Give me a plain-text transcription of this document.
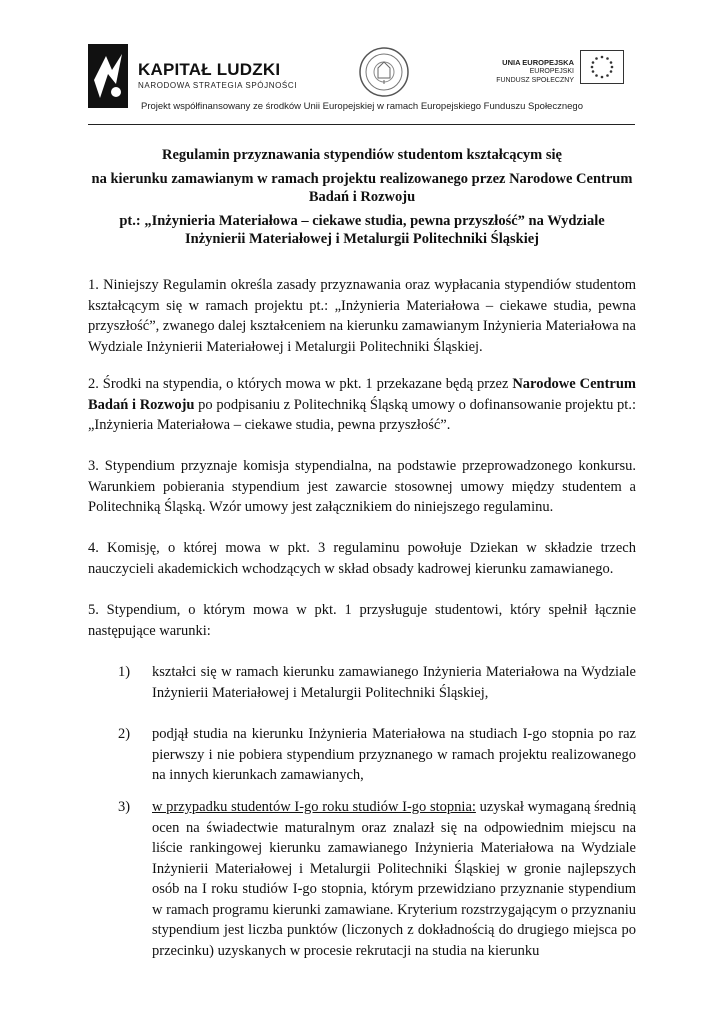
KAPITAŁ LUDZKI
NARODOWA STRATEGIA SPÓJNOŚCI
UNIA EUROPEJSKA
EUROPEJSKI
FUNDUSZ SPOŁECZNY
Projekt współfinansowany ze środków Unii Europejskiej w ramach Europejskiego Funduszu Społecznego
Regulamin przyznawania stypendiów studentom kształcącym się
na kierunku zamawianym w ramach projektu realizowanego przez Narodowe Centrum Badań i Rozwoju
pt.: „Inżynieria Materiałowa – ciekawe studia, pewna przyszłość” na Wydziale Inżynierii Materiałowej i Metalurgii Politechniki Śląskiej
1. Niniejszy Regulamin określa zasady przyznawania oraz wypłacania stypendiów studentom kształcącym się w ramach projektu pt.: „Inżynieria Materiałowa – ciekawe studia, pewna przyszłość”, zwanego dalej kształceniem na kierunku zamawianym Inżynieria Materiałowa na Wydziale Inżynierii Materiałowej i Metalurgii Politechniki Śląskiej.
2. Środki na stypendia, o których mowa w pkt. 1 przekazane będą przez Narodowe Centrum Badań i Rozwoju po podpisaniu z Politechniką Śląską umowy o dofinansowanie projektu pt.: „Inżynieria Materiałowa – ciekawe studia, pewna przyszłość”.
3. Stypendium przyznaje komisja stypendialna, na podstawie przeprowadzonego konkursu. Warunkiem pobierania stypendium jest zawarcie stosownej umowy między studentem a Politechniką Śląską. Wzór umowy jest załącznikiem do niniejszego regulaminu.
4. Komisję, o której mowa w pkt. 3 regulaminu powołuje Dziekan w składzie trzech nauczycieli akademickich wchodzących w skład obsady kadrowej kierunku zamawianego.
5. Stypendium, o którym mowa w pkt. 1 przysługuje studentowi, który spełnił łącznie następujące warunki:
1) kształci się w ramach kierunku zamawianego Inżynieria Materiałowa na Wydziale Inżynierii Materiałowej i Metalurgii Politechniki Śląskiej,
2) podjął studia na kierunku Inżynieria Materiałowa na studiach I-go stopnia po raz pierwszy i nie pobiera stypendium przyznanego w ramach projektu realizowanego na innych kierunkach zamawianych,
3) w przypadku studentów I-go roku studiów I-go stopnia: uzyskał wymaganą średnią ocen na świadectwie maturalnym oraz znalazł się na odpowiednim miejscu na liście rankingowej kierunku zamawianego Inżynieria Materiałowa na Wydziale Inżynierii Materiałowej i Metalurgii Politechniki Śląskiej w gronie najlepszych osób na I roku studiów I-go stopnia, którym przewidziano przyznanie stypendium w ramach programu kierunki zamawiane. Kryterium rozstrzygającym o przyznaniu stypendium jest liczba punktów (liczonych z dokładnością do drugiego miejsca po przecinku) uzyskanych w procesie rekrutacji na studia na kierunku
